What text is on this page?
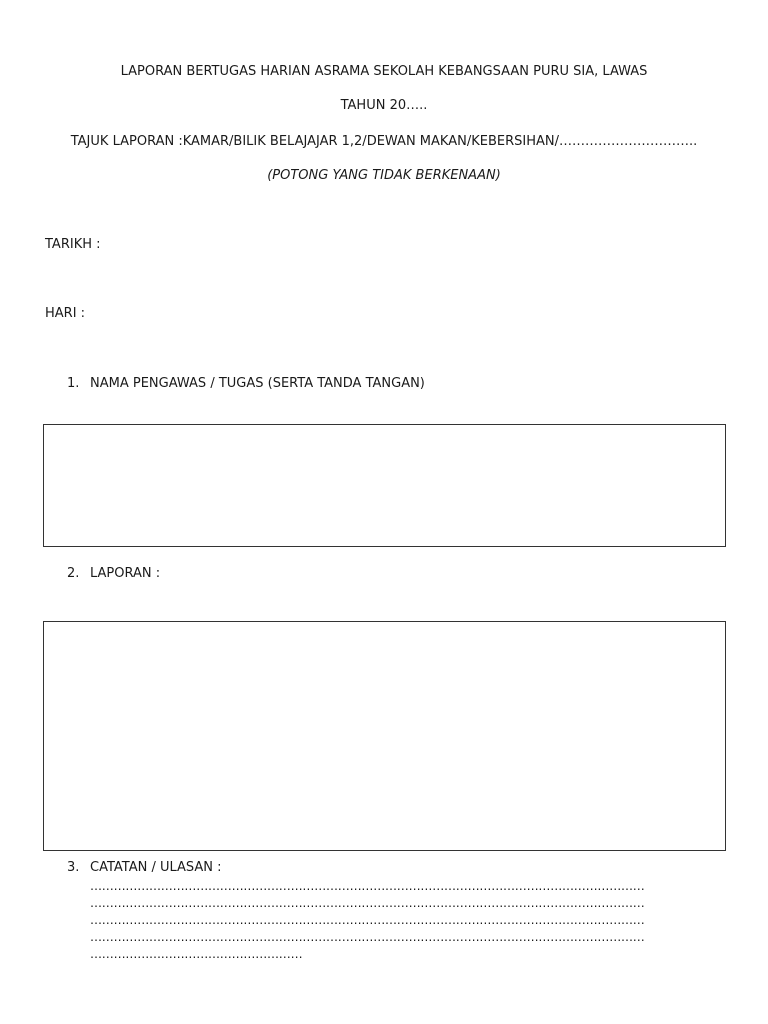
LAPORAN BERTUGAS HARIAN ASRAMA SEKOLAH KEBANGSAAN PURU SIA, LAWAS
TAHUN 20…..
TAJUK LAPORAN :KAMAR/BILIK BELAJAJAR 1,2/DEWAN MAKAN/KEBERSIHAN/…………………………..
(POTONG YANG TIDAK BERKENAAN)
TARIKH :
HARI :
1. NAMA PENGAWAS / TUGAS (SERTA TANDA TANGAN)
2. LAPORAN :
3. CATATAN / ULASAN :
……………………………………………………………………………………………………………………………
……………………………………………………………………………………………………………………………
……………………………………………………………………………………………………………………………
……………………………………………………………………………………………………………………………
………………………………………………
